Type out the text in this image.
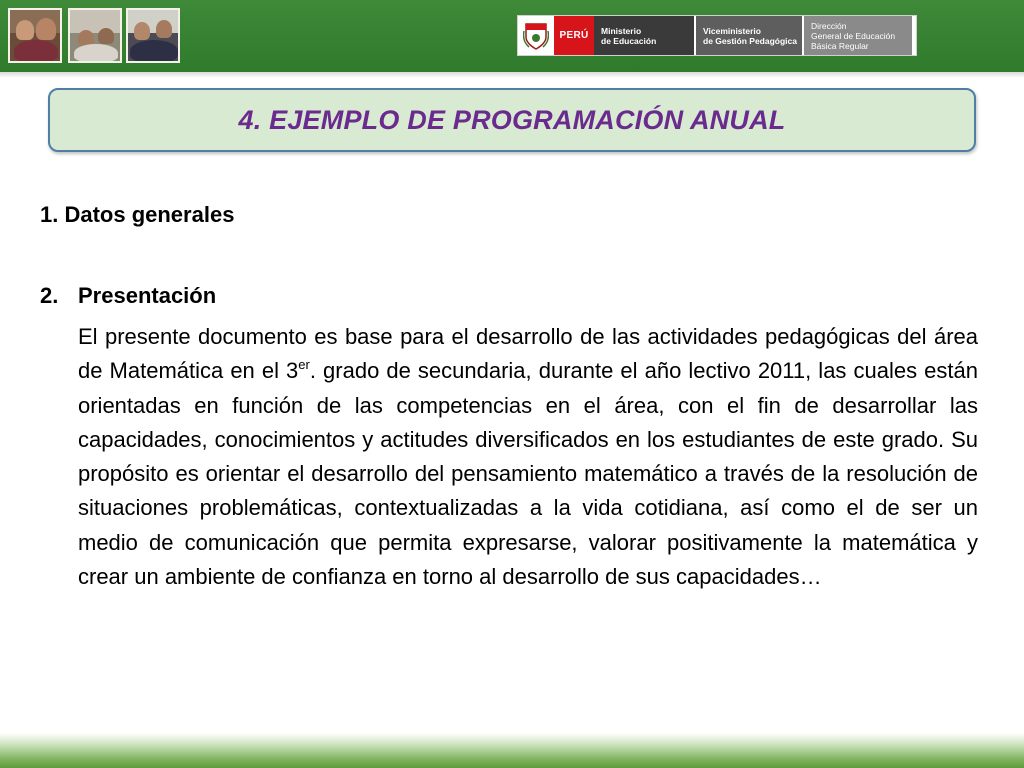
PERÚ	Ministerio
de Educación
Viceministerio
de Gestión Pedagógica
Dirección
General de Educación
Básica Regular
4. EJEMPLO DE PROGRAMACIÓN ANUAL
1. Datos generales
2. Presentación
El presente documento es base para el desarrollo de las actividades pedagógicas del área de Matemática en el 3er. grado de secundaria, durante el año lectivo 2011, las cuales están orientadas en función de las competencias en el área, con el fin de desarrollar las capacidades, conocimientos y actitudes diversificados en los estudiantes de este grado. Su propósito es orientar el desarrollo del pensamiento matemático a través de la resolución de situaciones problemáticas, contextualizadas a la vida cotidiana, así como el de ser un medio de comunicación que permita expresarse, valorar positivamente la matemática y crear un ambiente de confianza en torno al desarrollo de sus capacidades…
